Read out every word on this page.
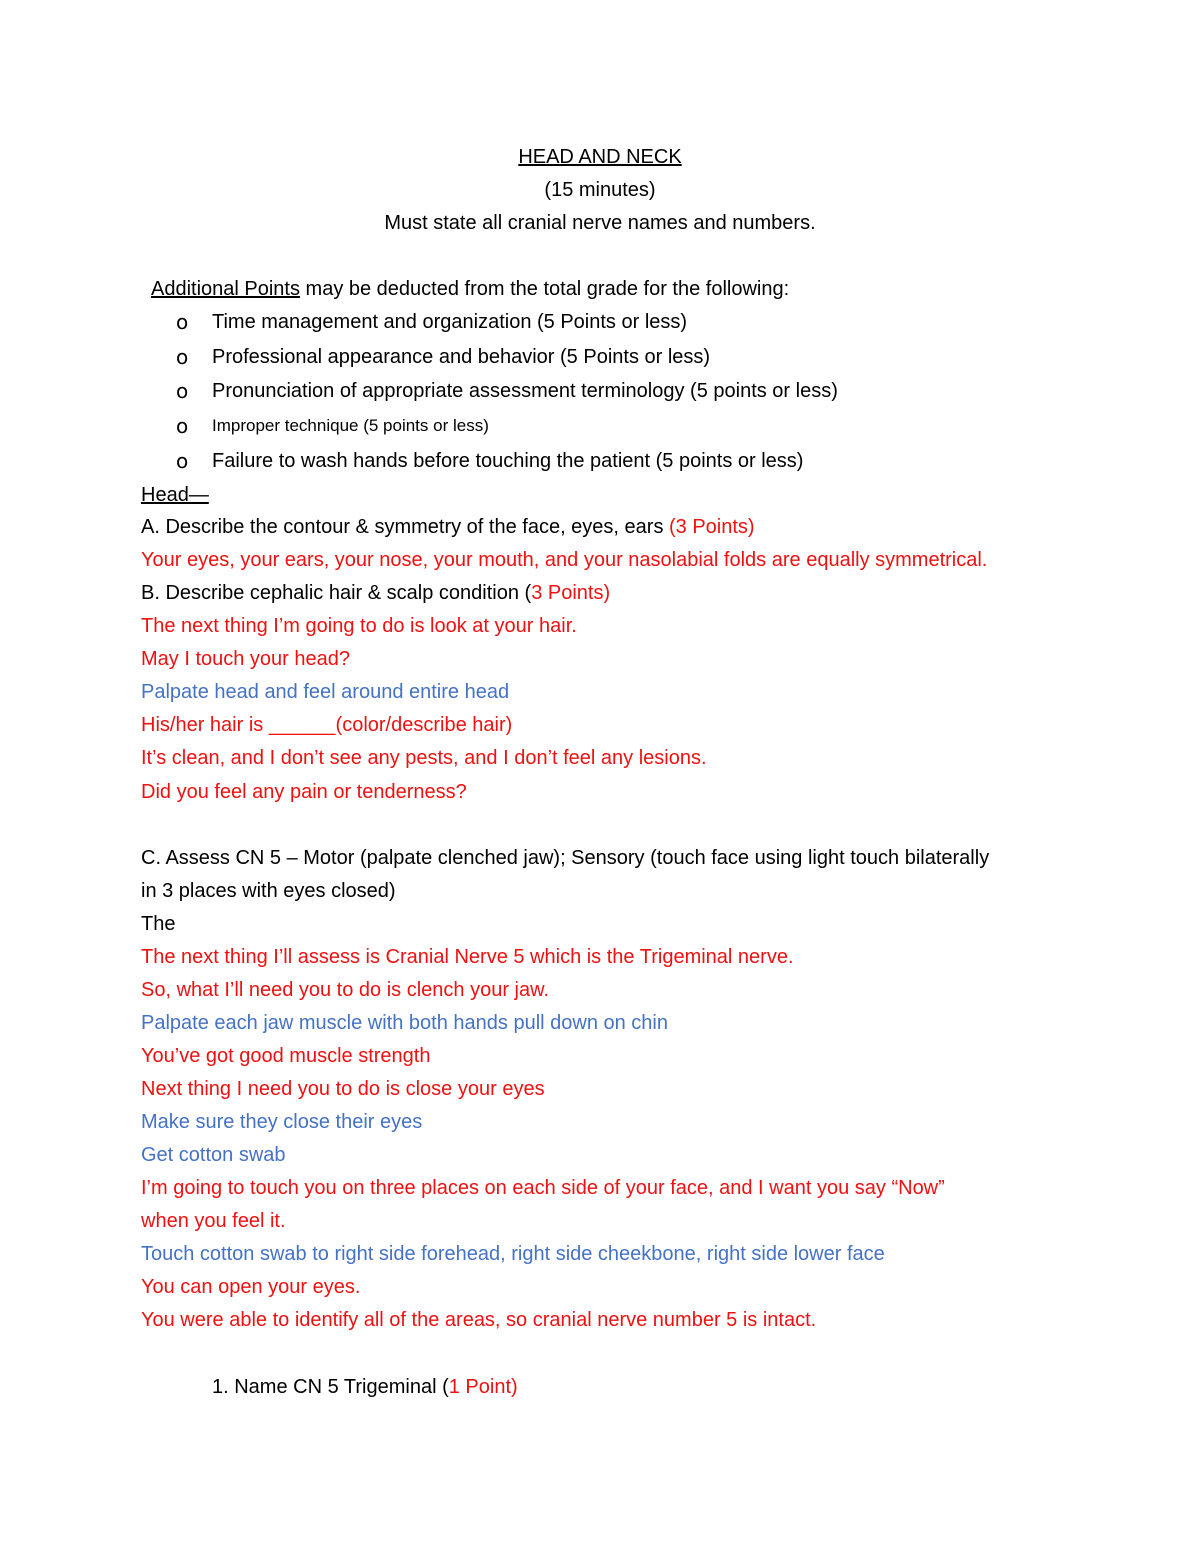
HEAD AND NECK
(15 minutes)
Must state all cranial nerve names and numbers.
Additional Points may be deducted from the total grade for the following:
o Time management and organization (5 Points or less)
o Professional appearance and behavior (5 Points or less)
o Pronunciation of appropriate assessment terminology (5 points or less)
o Improper technique (5 points or less)
o Failure to wash hands before touching the patient (5 points or less)
Head—
A. Describe the contour & symmetry of the face, eyes, ears (3 Points)
Your eyes, your ears, your nose, your mouth, and your nasolabial folds are equally symmetrical.
B. Describe cephalic hair & scalp condition (3 Points)
The next thing I’m going to do is look at your hair.
May I touch your head?
Palpate head and feel around entire head
His/her hair is ______(color/describe hair)
It’s clean, and I don’t see any pests, and I don’t feel any lesions.
Did you feel any pain or tenderness?
C. Assess CN 5 – Motor (palpate clenched jaw); Sensory (touch face using light touch bilaterally
in 3 places with eyes closed)
The
The next thing I’ll assess is Cranial Nerve 5 which is the Trigeminal nerve.
So, what I’ll need you to do is clench your jaw.
Palpate each jaw muscle with both hands pull down on chin
You’ve got good muscle strength
Next thing I need you to do is close your eyes
Make sure they close their eyes
Get cotton swab
I’m going to touch you on three places on each side of your face, and I want you say “Now”
when you feel it.
Touch cotton swab to right side forehead, right side cheekbone, right side lower face
You can open your eyes.
You were able to identify all of the areas, so cranial nerve number 5 is intact.
1. Name CN 5 Trigeminal (1 Point)
